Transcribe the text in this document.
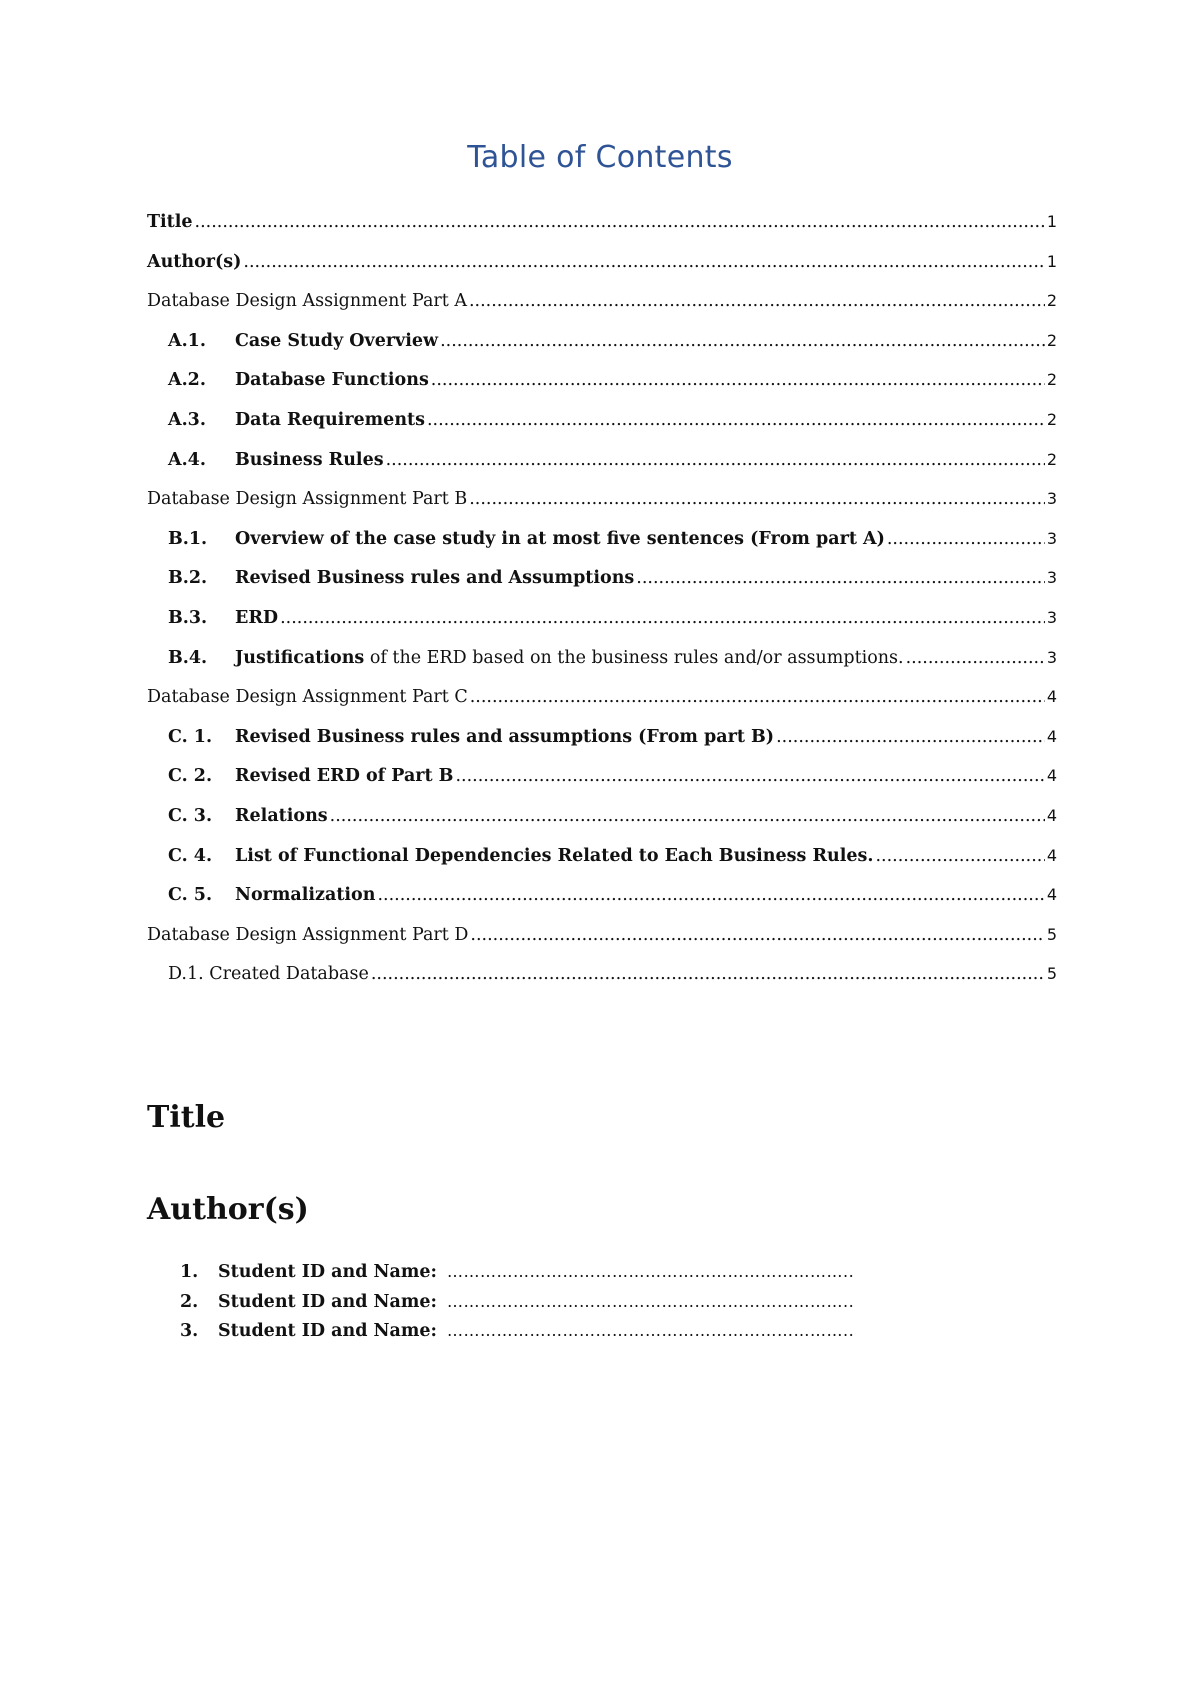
Table of Contents
Title .....	1
Author(s) .....	1
Database Design Assignment Part A .....	2
A.1.	Case Study Overview .....	2
A.2.	Database Functions .....	2
A.3.	Data Requirements .....	2
A.4.	Business Rules .....	2
Database Design Assignment Part B .....	3
B.1.	Overview of the case study in at most five sentences (From part A) .....	3
B.2.	Revised Business rules and Assumptions .....	3
B.3.	ERD .....	3
B.4.	Justifications of the ERD based on the business rules and/or assumptions. .....	3
Database Design Assignment Part C .....	4
C. 1.	Revised Business rules and assumptions (From part B) .....	4
C. 2.	Revised ERD of Part B .....	4
C. 3.	Relations .....	4
C. 4.	List of Functional Dependencies Related to Each Business Rules. .....	4
C. 5.	Normalization .....	4
Database Design Assignment Part D .....	5
D.1. Created Database .....	5
Title
Author(s)
1.	Student ID and Name: ………………………………………………………………..
2.	Student ID and Name: ………………………………………………………………..
3.	Student ID and Name: ………………………………………………………………..
